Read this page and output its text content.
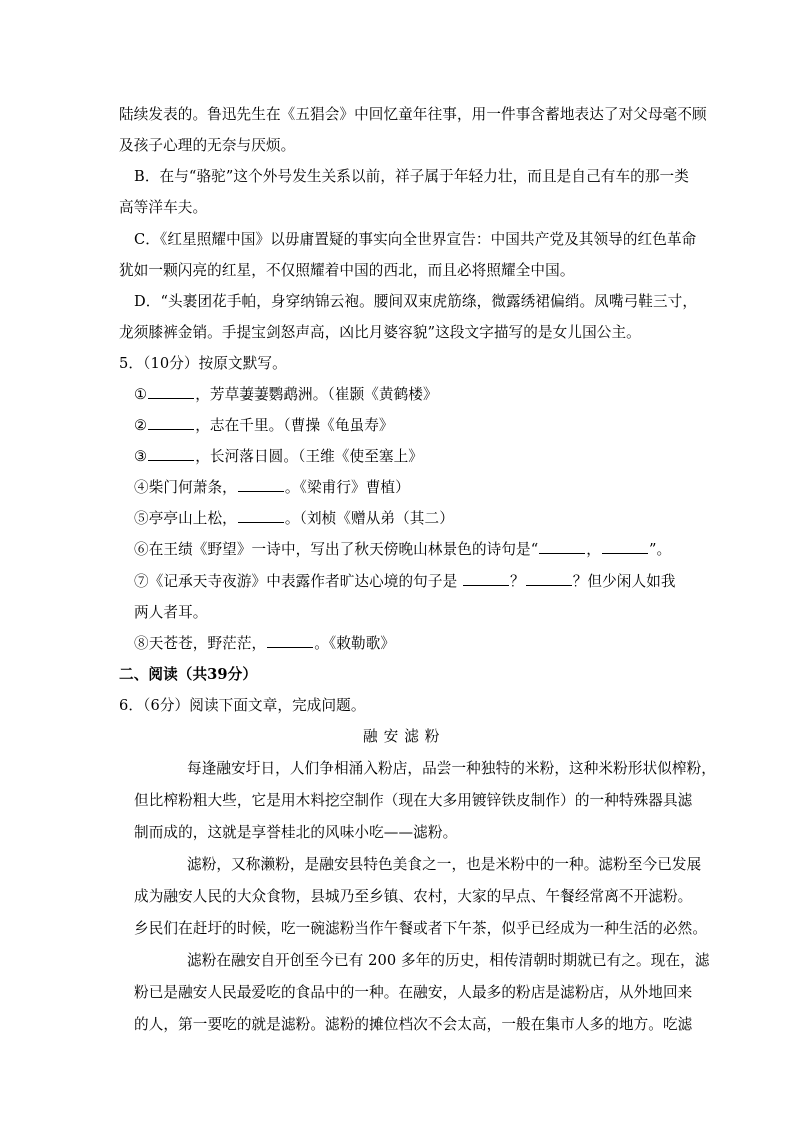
陆续发表的。鲁迅先生在《五猖会》中回忆童年往事，用一件事含蓄地表达了对父母毫不顾
及孩子心理的无奈与厌烦。
B．在与“骆驼”这个外号发生关系以前，祥子属于年轻力壮，而且是自己有车的那一类
高等洋车夫。
C．《红星照耀中国》以毋庸置疑的事实向全世界宣告：中国共产党及其领导的红色革命
犹如一颗闪亮的红星，不仅照耀着中国的西北，而且必将照耀全中国。
D．“头裹团花手帕，身穿纳锦云袍。腰间双束虎筋绦，微露绣裙偏绡。凤嘴弓鞋三寸，
龙须膝裤金销。手提宝剑怒声高，凶比月婆容貌”这段文字描写的是女儿国公主。
5．（10分）按原文默写。
①	，芳草萋萋鹦鹉洲。（崔颢《黄鹤楼》
②	，志在千里。（曹操《龟虽寿》
③	，长河落日圆。（王维《使至塞上》
④柴门何萧条，	。《梁甫行》曹植）
⑤亭亭山上松，	。（刘桢《赠从弟（其二）
⑥在王绩《野望》一诗中，写出了秋天傍晚山林景色的诗句是“	，	”。
⑦《记承天寺夜游》中表露作者旷达心境的句子是	？	？但少闲人如我
两人者耳。
⑧天苍苍，野茫茫，	。《敕勒歌》
二、阅读（共39分）
6．（6分）阅读下面文章，完成问题。
融安滤粉
每逢融安圩日，人们争相涌入粉店，品尝一种独特的米粉，这种米粉形状似榨粉，
但比榨粉粗大些，它是用木料挖空制作（现在大多用镀锌铁皮制作）的一种特殊器具滤
制而成的，这就是享誉桂北的风味小吃——滤粉。
滤粉，又称濑粉，是融安县特色美食之一，也是米粉中的一种。滤粉至今已发展
成为融安人民的大众食物，县城乃至乡镇、农村，大家的早点、午餐经常离不开滤粉。
乡民们在赶圩的时候，吃一碗滤粉当作午餐或者下午茶，似乎已经成为一种生活的必然。
滤粉在融安自开创至今已有 200 多年的历史，相传清朝时期就已有之。现在，滤
粉已是融安人民最爱吃的食品中的一种。在融安，人最多的粉店是滤粉店，从外地回来
的人，第一要吃的就是滤粉。滤粉的摊位档次不会太高，一般在集市人多的地方。吃滤
